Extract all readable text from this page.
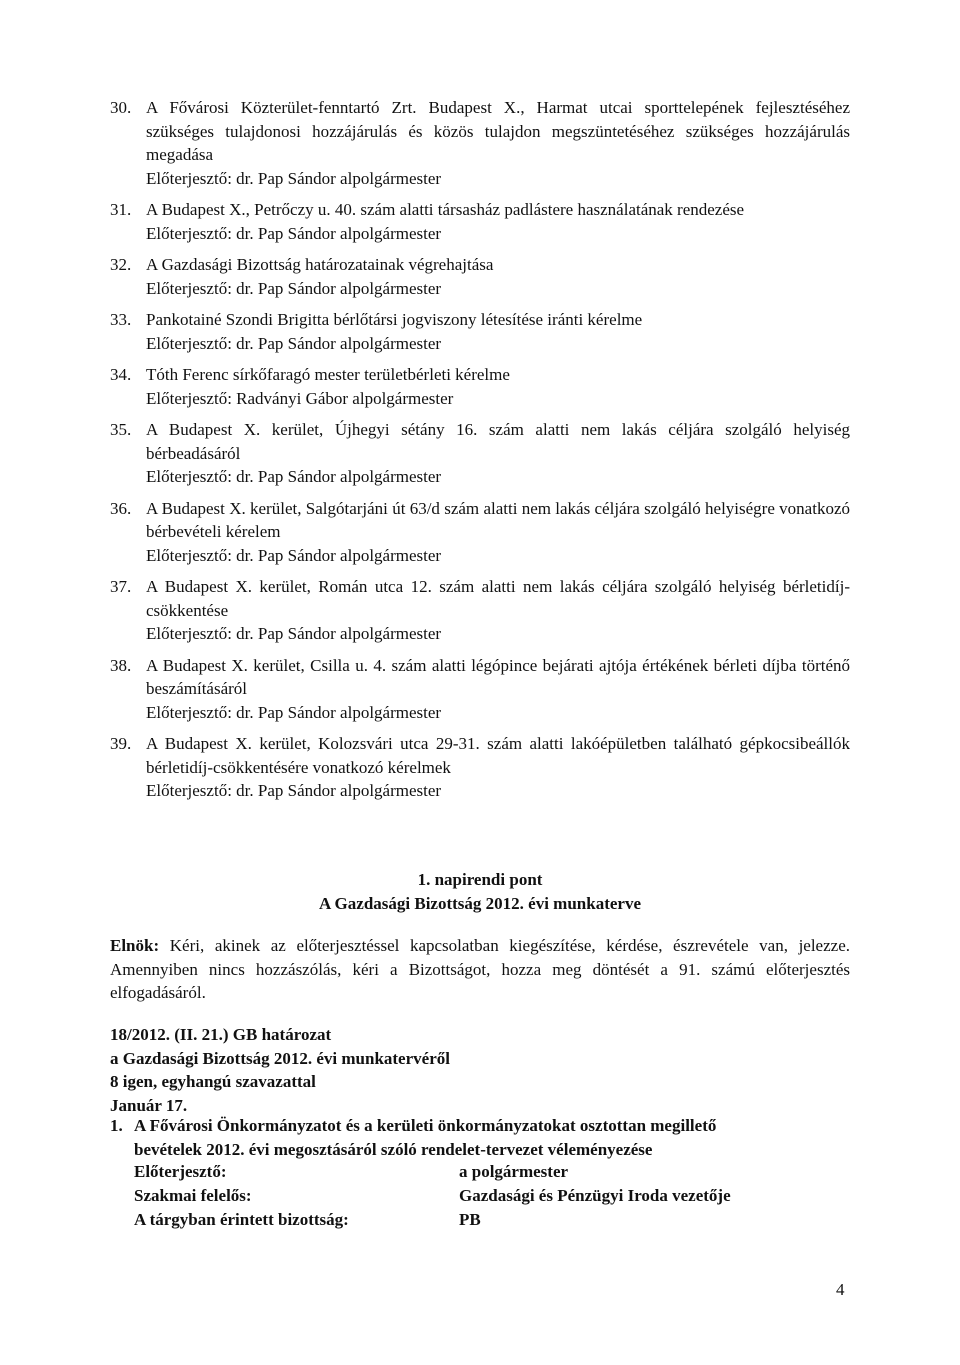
30. A Fővárosi Közterület-fenntartó Zrt. Budapest X., Harmat utcai sporttelepének fejlesztéséhez szükséges tulajdonosi hozzájárulás és közös tulajdon megszüntetéséhez szükséges hozzájárulás megadása
Előterjesztő: dr. Pap Sándor alpolgármester
31. A Budapest X., Petrőczy u. 40. szám alatti társasház padlástere használatának rendezése
Előterjesztő: dr. Pap Sándor alpolgármester
32. A Gazdasági Bizottság határozatainak végrehajtása
Előterjesztő: dr. Pap Sándor alpolgármester
33. Pankotainé Szondi Brigitta bérlőtársi jogviszony létesítése iránti kérelme
Előterjesztő: dr. Pap Sándor alpolgármester
34. Tóth Ferenc sírkőfaragó mester területbérleti kérelme
Előterjesztő: Radványi Gábor alpolgármester
35. A Budapest X. kerület, Újhegyi sétány 16. szám alatti nem lakás céljára szolgáló helyiség bérbeadásáról
Előterjesztő: dr. Pap Sándor alpolgármester
36. A Budapest X. kerület, Salgótarjáni út 63/d szám alatti nem lakás céljára szolgáló helyiségre vonatkozó bérbevételi kérelem
Előterjesztő: dr. Pap Sándor alpolgármester
37. A Budapest X. kerület, Román utca 12. szám alatti nem lakás céljára szolgáló helyiség bérletidíj-csökkentése
Előterjesztő: dr. Pap Sándor alpolgármester
38. A Budapest X. kerület, Csilla u. 4. szám alatti légópince bejárati ajtója értékének bérleti díjba történő beszámításáról
Előterjesztő: dr. Pap Sándor alpolgármester
39. A Budapest X. kerület, Kolozsvári utca 29-31. szám alatti lakóépületben található gépkocsibeállók bérletidíj-csökkentésére vonatkozó kérelmek
Előterjesztő: dr. Pap Sándor alpolgármester
1. napirendi pont
A Gazdasági Bizottság 2012. évi munkaterve
Elnök: Kéri, akinek az előterjesztéssel kapcsolatban kiegészítése, kérdése, észrevétele van, jelezze. Amennyiben nincs hozzászólás, kéri a Bizottságot, hozza meg döntését a 91. számú előterjesztés elfogadásáról.
18/2012. (II. 21.) GB határozat
a Gazdasági Bizottság 2012. évi munkatervéről
8 igen, egyhangú szavazattal
Január 17.
1. A Fővárosi Önkormányzatot és a kerületi önkormányzatokat osztottan megillető
bevételek 2012. évi megosztásáról szóló rendelet-tervezet véleményezése
Előterjesztő:	a polgármester
Szakmai felelős:	Gazdasági és Pénzügyi Iroda vezetője
A tárgyban érintett bizottság:	PB
4
